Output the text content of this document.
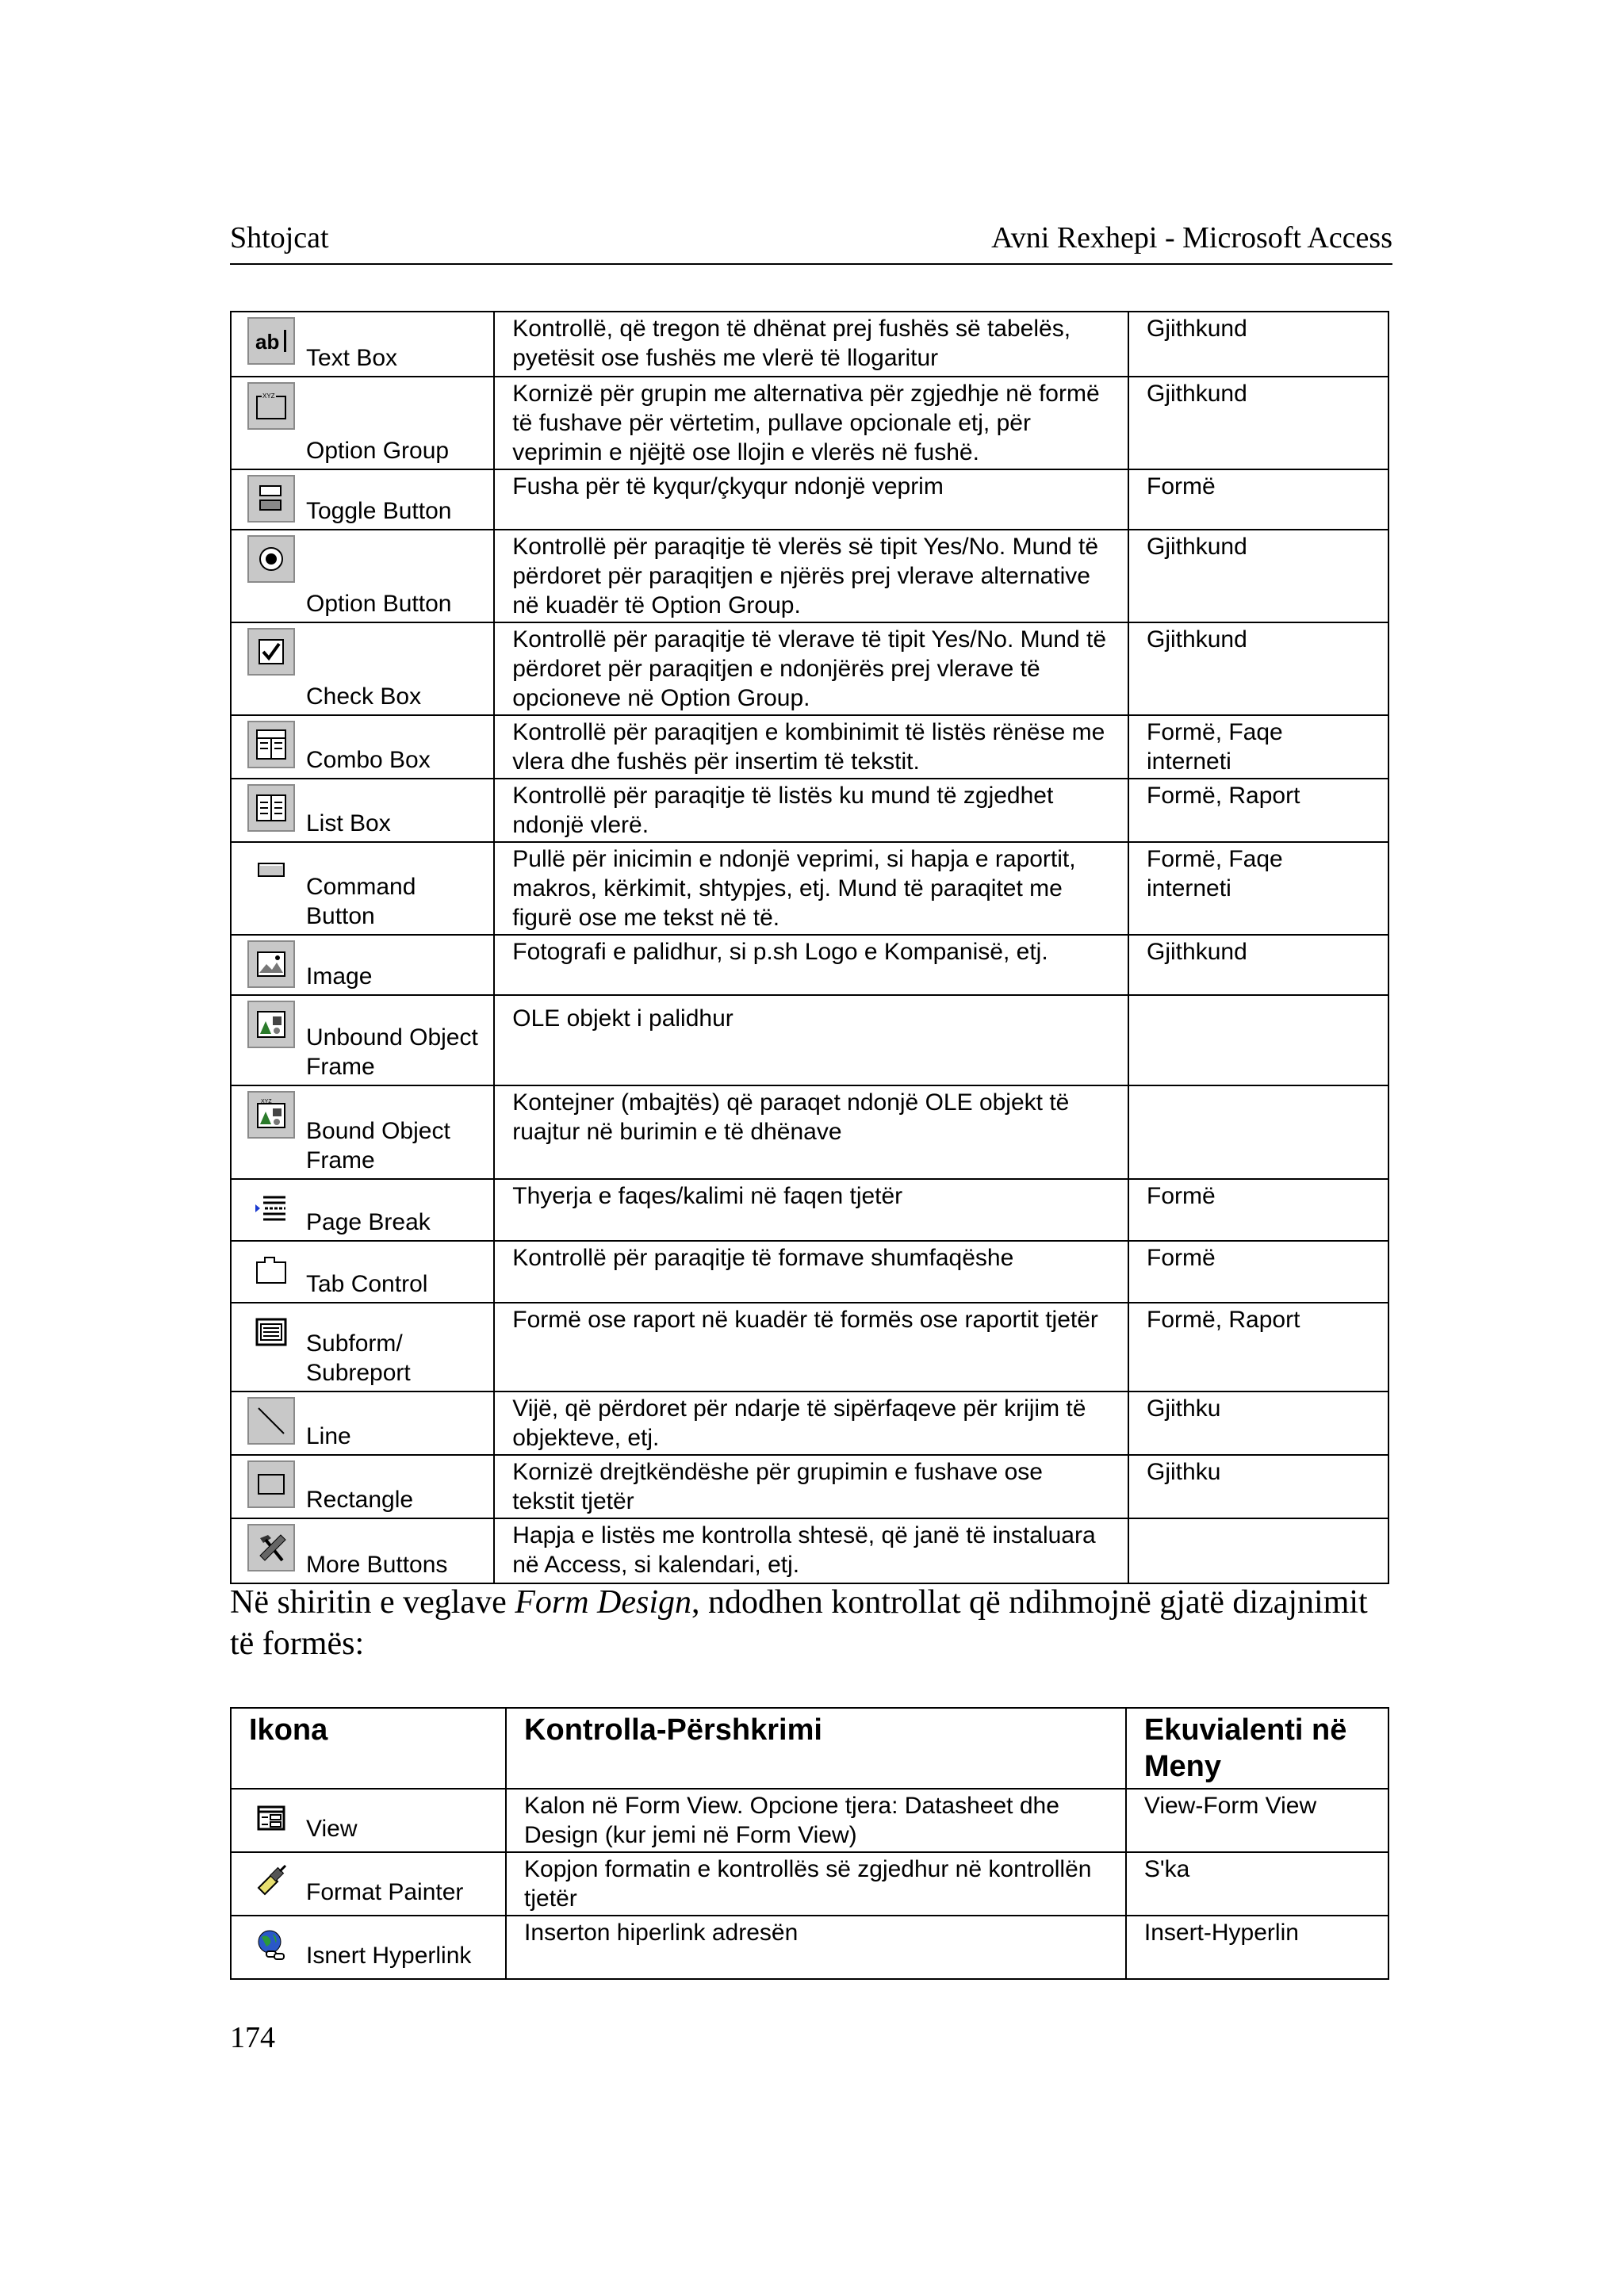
Shtojcat	Avni Rexhepi - Microsoft Access
ab
Text Box	Kontrollë, që tregon të dhënat prej fushës së tabelës, pyetësit ose fushës me vlerë të llogaritur	Gjithkund

XYZ
Option Group	Kornizë për grupin me alternativa për zgjedhje në formë të fushave për vërtetim, pullave opcionale etj, për veprimin e njëjtë ose llojin e vlerës në fushë.	Gjithkund

Toggle Button	Fusha për të kyqur/çkyqur ndonjë veprim	Formë

Option Button	Kontrollë për paraqitje të vlerës së tipit Yes/No. Mund të përdoret për paraqitjen e njërës prej vlerave alternative në kuadër të Option Group.	Gjithkund

Check Box	Kontrollë për paraqitje të vlerave të tipit Yes/No. Mund të përdoret për paraqitjen e ndonjërës prej vlerave të opcioneve në Option Group.	Gjithkund

Combo Box	Kontrollë për paraqitjen e kombinimit të listës rënëse me vlera dhe fushës për insertim të tekstit.	Formë, Faqe interneti

List Box	Kontrollë për paraqitje të listës ku mund të zgjedhet ndonjë vlerë.	Formë, Raport

Command Button	Pullë për inicimin e ndonjë veprimi, si hapja e raportit, makros, kërkimit, shtypjes, etj. Mund të paraqitet me figurë ose me tekst në të.	Formë, Faqe interneti

Image	Fotografi e palidhur, si p.sh Logo e Kompanisë, etj.	Gjithkund

Unbound Object Frame	OLE objekt i palidhur	

XYZ
Bound Object Frame	Kontejner (mbajtës) që paraqet ndonjë OLE objekt të ruajtur në burimin e të dhënave	

Page Break	Thyerja e faqes/kalimi në faqen tjetër	Formë

Tab Control	Kontrollë për paraqitje të formave shumfaqëshe	Formë

Subform/ Subreport	Formë ose raport në kuadër të formës ose raportit tjetër	Formë, Raport

Line	Vijë, që përdoret për ndarje të sipërfaqeve për krijim të objekteve, etj.	Gjithku

Rectangle	Kornizë drejtkëndëshe për grupimin e fushave ose tekstit tjetër	Gjithku

More Buttons	Hapja e listës me kontrolla shtesë, që janë të instaluara në Access, si kalendari, etj.	
Në shiritin e veglave Form Design, ndodhen kontrollat që ndihmojnë gjatë dizajnimit të formës:
Ikona	Kontrolla-Përshkrimi	Ekuvialenti në Meny

View	Kalon në Form View. Opcione tjera: Datasheet dhe Design (kur jemi në Form View)	View-Form View

Format Painter	Kopjon formatin e kontrollës së zgjedhur në kontrollën tjetër	S'ka

Isnert Hyperlink	Inserton hiperlink adresën	Insert-Hyperlin
174
